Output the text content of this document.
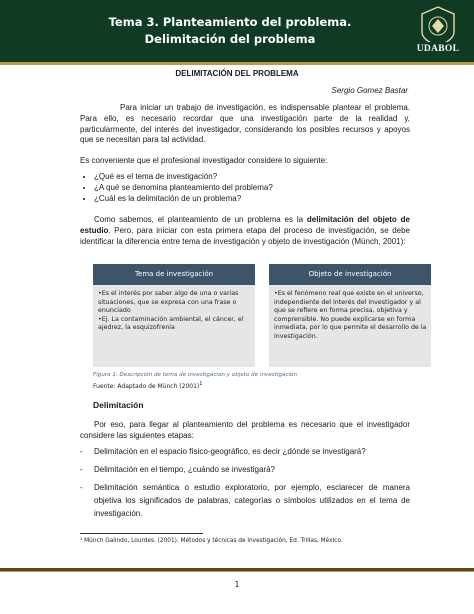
Tema 3. Planteamiento del problema. Delimitación del problema
UDABOL
DELIMITACIÓN DEL PROBLEMA
Sergio Gomez Bastar

Para iniciar un trabajo de investigación, es indispensable plantear el problema. Para ello, es necesario recordar que una investigación parte de la realidad y, particularmente, del interés del investigador, considerando los posibles recursos y apoyos que se necesitan para tal actividad.

Es conveniente que el profesional investigador considere lo siguiente:

• ¿Qué es el tema de investigación?
• ¿A qué se denomina planteamiento del problema?
• ¿Cuál es la delimitación de un problema?

Como sabemos, el planteamiento de un problema es la delimitación del objeto de estudio. Pero, para iniciar con esta primera etapa del proceso de investigación, se debe identificar la diferencia entre tema de investigación y objeto de investigación (Münch, 2001):

Tema de investigación
•Es el interés por saber algo de una o varias situaciones, que se expresa con una frase o enunciado
•Ej. La contaminación ambiental, el cáncer, el ajedrez, la esquizofrenia
Objeto de investigación
•Es el fenómeno real que existe en el universo, independiente del interés del investigador y al que se refiere en forma precisa, objetiva y comprensible. No puede explicarse en forma inmediata, por lo que permite el desarrollo de la investigación.
Figura 1. Descripción de tema de investigación y objeto de investigación
Fuente: Adaptado de Münch $(2001)^1$
Delimitación

Por eso, para llegar al planteamiento del problema es necesario que el investigador considere las siguientes etapas:

- Delimitación en el espacio físico-geográfico, es decir ¿dónde se investigará?
- Delimitación en el tiempo, ¿cuándo se investigará?
- Delimitación semántica o estudio exploratorio, por ejemplo, esclarecer de manera objetiva los significados de palabras, categorías o símbolos utilizados en el tema de investigación.
¹ Münch Galindo, Lourdes. (2001). Métodos y técnicas de investigación, Ed. Trillas, México.
1
